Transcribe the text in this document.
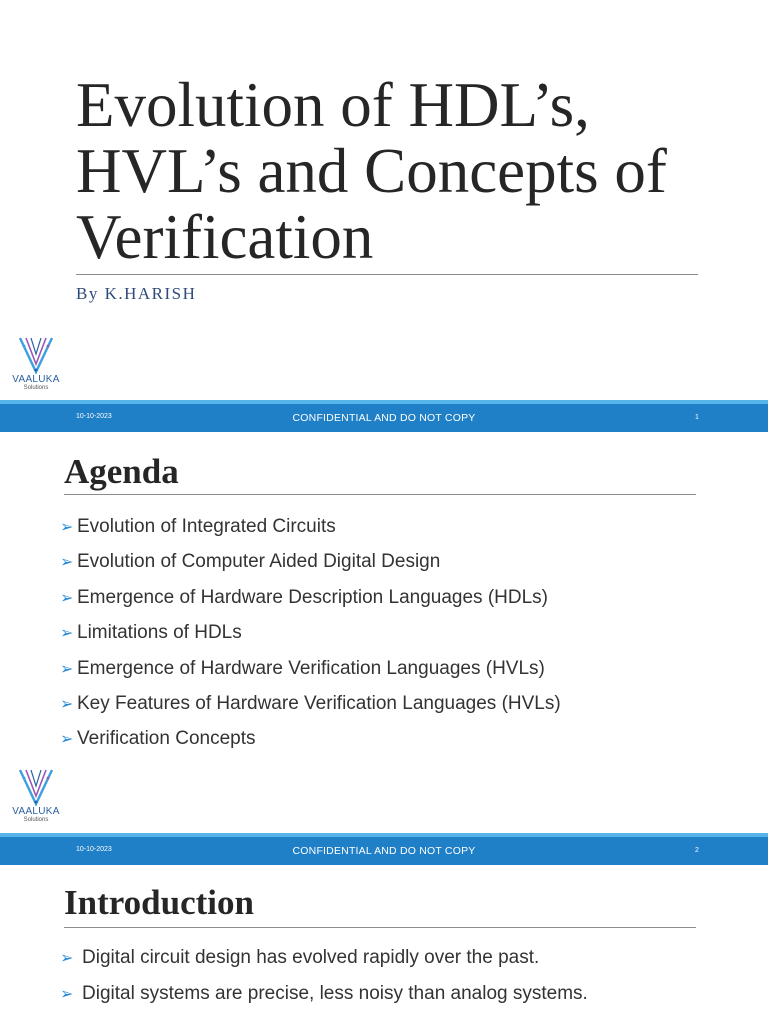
Evolution of HDL’s, HVL’s and Concepts of Verification
By K.HARISH
VAALUKA
Solutions
10-10-2023	CONFIDENTIAL AND DO NOT COPY	1
Agenda
➢ Evolution of Integrated Circuits
➢ Evolution of Computer Aided Digital Design
➢ Emergence of Hardware Description Languages (HDLs)
➢ Limitations of HDLs
➢ Emergence of Hardware Verification Languages (HVLs)
➢ Key Features of Hardware Verification Languages (HVLs)
➢ Verification Concepts
VAALUKA
Solutions
10-10-2023	CONFIDENTIAL AND DO NOT COPY	2
Introduction
➢ Digital circuit design has evolved rapidly over the past.
➢ Digital systems are precise, less noisy than analog systems.
